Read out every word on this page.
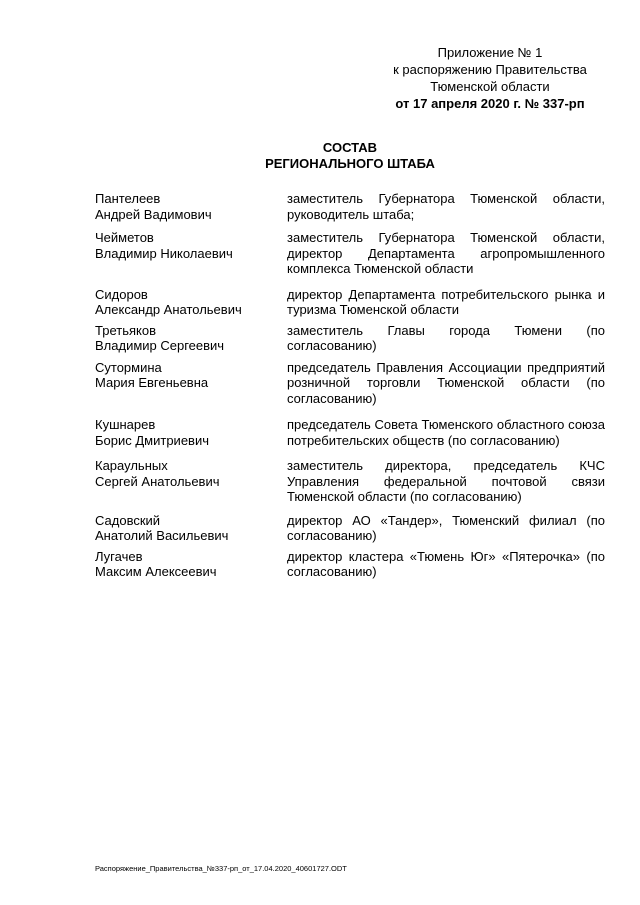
Приложение № 1
к распоряжению Правительства
Тюменской области
от 17 апреля 2020 г. № 337-рп
СОСТАВ
РЕГИОНАЛЬНОГО ШТАБА
Пантелеев
Андрей Вадимович
заместитель Губернатора Тюменской области, руководитель штаба;
Чейметов
Владимир Николаевич
заместитель Губернатора Тюменской области, директор Департамента агропромышленного комплекса Тюменской области
Сидоров
Александр Анатольевич
директор Департамента потребительского рынка и туризма Тюменской области
Третьяков
Владимир Сергеевич
заместитель Главы города Тюмени (по согласованию)
Сутормина
Мария Евгеньевна
председатель Правления Ассоциации предприятий розничной торговли Тюменской области (по согласованию)
Кушнарев
Борис Дмитриевич
председатель Совета Тюменского областного союза потребительских обществ (по согласованию)
Караульных
Сергей Анатольевич
заместитель директора, председатель КЧС Управления федеральной почтовой связи Тюменской области (по согласованию)
Садовский
Анатолий Васильевич
директор АО «Тандер», Тюменский филиал (по согласованию)
Лугачев
Максим Алексеевич
директор кластера «Тюмень Юг» «Пятерочка» (по согласованию)
Распоряжение_Правительства_№337-рп_от_17.04.2020_40601727.ODT
